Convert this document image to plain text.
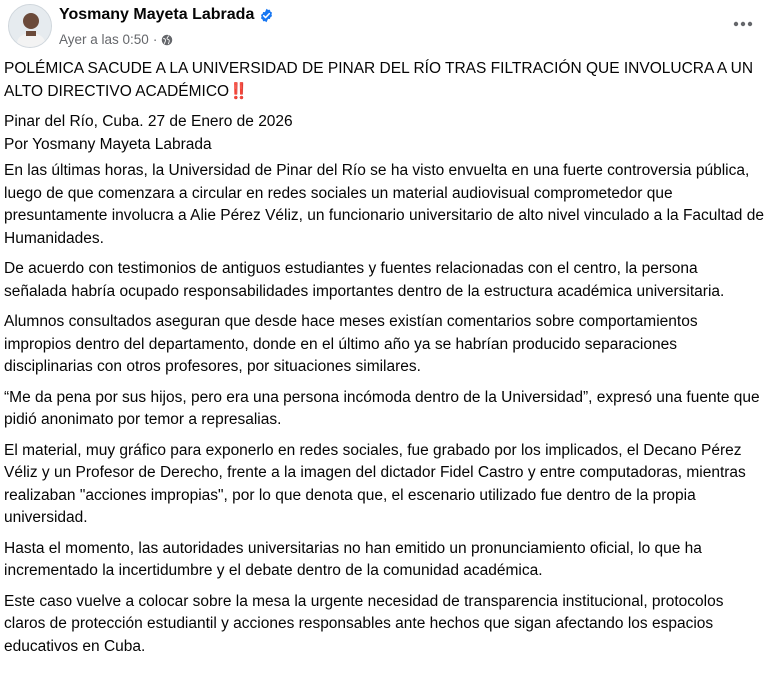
Yosmany Mayeta Labrada
Ayer a las 0:50 ·

POLÉMICA SACUDE A LA UNIVERSIDAD DE PINAR DEL RÍO TRAS FILTRACIÓN QUE INVOLUCRA A UN ALTO DIRECTIVO ACADÉMICO‼️

Pinar del Río, Cuba. 27 de Enero de 2026
Por Yosmany Mayeta Labrada

En las últimas horas, la Universidad de Pinar del Río se ha visto envuelta en una fuerte controversia pública, luego de que comenzara a circular en redes sociales un material audiovisual comprometedor que presuntamente involucra a Alie Pérez Véliz, un funcionario universitario de alto nivel vinculado a la Facultad de Humanidades.

De acuerdo con testimonios de antiguos estudiantes y fuentes relacionadas con el centro, la persona señalada habría ocupado responsabilidades importantes dentro de la estructura académica universitaria.

Alumnos consultados aseguran que desde hace meses existían comentarios sobre comportamientos impropios dentro del departamento, donde en el último año ya se habrían producido separaciones disciplinarias con otros profesores, por situaciones similares.

“Me da pena por sus hijos, pero era una persona incómoda dentro de la Universidad”, expresó una fuente que pidió anonimato por temor a represalias.

El material, muy gráfico para exponerlo en redes sociales, fue grabado por los implicados, el Decano Pérez Véliz y un Profesor de Derecho, frente a la imagen del dictador Fidel Castro y entre computadoras, mientras realizaban "acciones impropias", por lo que denota que, el escenario utilizado fue dentro de la propia universidad.

Hasta el momento, las autoridades universitarias no han emitido un pronunciamiento oficial, lo que ha incrementado la incertidumbre y el debate dentro de la comunidad académica.

Este caso vuelve a colocar sobre la mesa la urgente necesidad de transparencia institucional, protocolos claros de protección estudiantil y acciones responsables ante hechos que sigan afectando los espacios educativos en Cuba.
